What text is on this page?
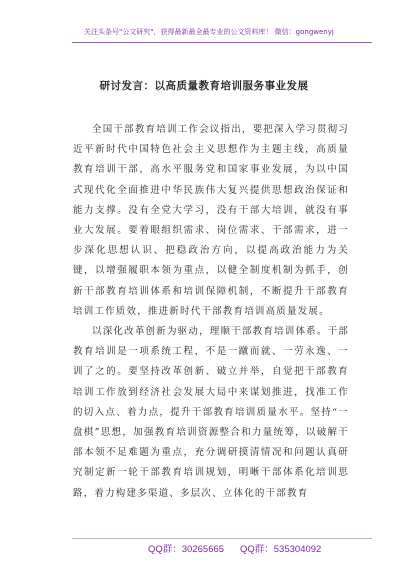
关注头条号"公文研究"，获得最新最全最专业的公文资料库！ 微信：gongwenyj
研讨发言：以高质量教育培训服务事业发展

全国干部教育培训工作会议指出，要把深入学习贯彻习近平新时代中国特色社会主义思想作为主题主线，高质量教育培训干部，高水平服务党和国家事业发展，为以中国式现代化全面推进中华民族伟大复兴提供思想政治保证和能力支撑。没有全党大学习，没有干部大培训，就没有事业大发展。要着眼组织需求、岗位需求、干部需求，进一步深化思想认识、把稳政治方向，以提高政治能力为关键，以增强履职本领为重点，以健全制度机制为抓手，创新干部教育培训体系和培训保障机制，不断提升干部教育培训工作质效，推进新时代干部教育培训高质量发展。

以深化改革创新为驱动，理顺干部教育培训体系。干部教育培训是一项系统工程，不是一蹴而就、一劳永逸、一训了之的。要坚持改革创新、破立并举，自觉把干部教育培训工作放到经济社会发展大局中来谋划推进，找准工作的切入点、着力点，提升干部教育培训质量水平。坚持“一盘棋”思想，加强教育培训资源整合和力量统筹，以破解干部本领不足难题为重点，充分调研摸清情况和问题认真研究制定新一轮干部教育培训规划，明晰干部体系化培训思路，着力构建多渠道、多层次、立体化的干部教育

QQ群：30265665 QQ群：535304092
